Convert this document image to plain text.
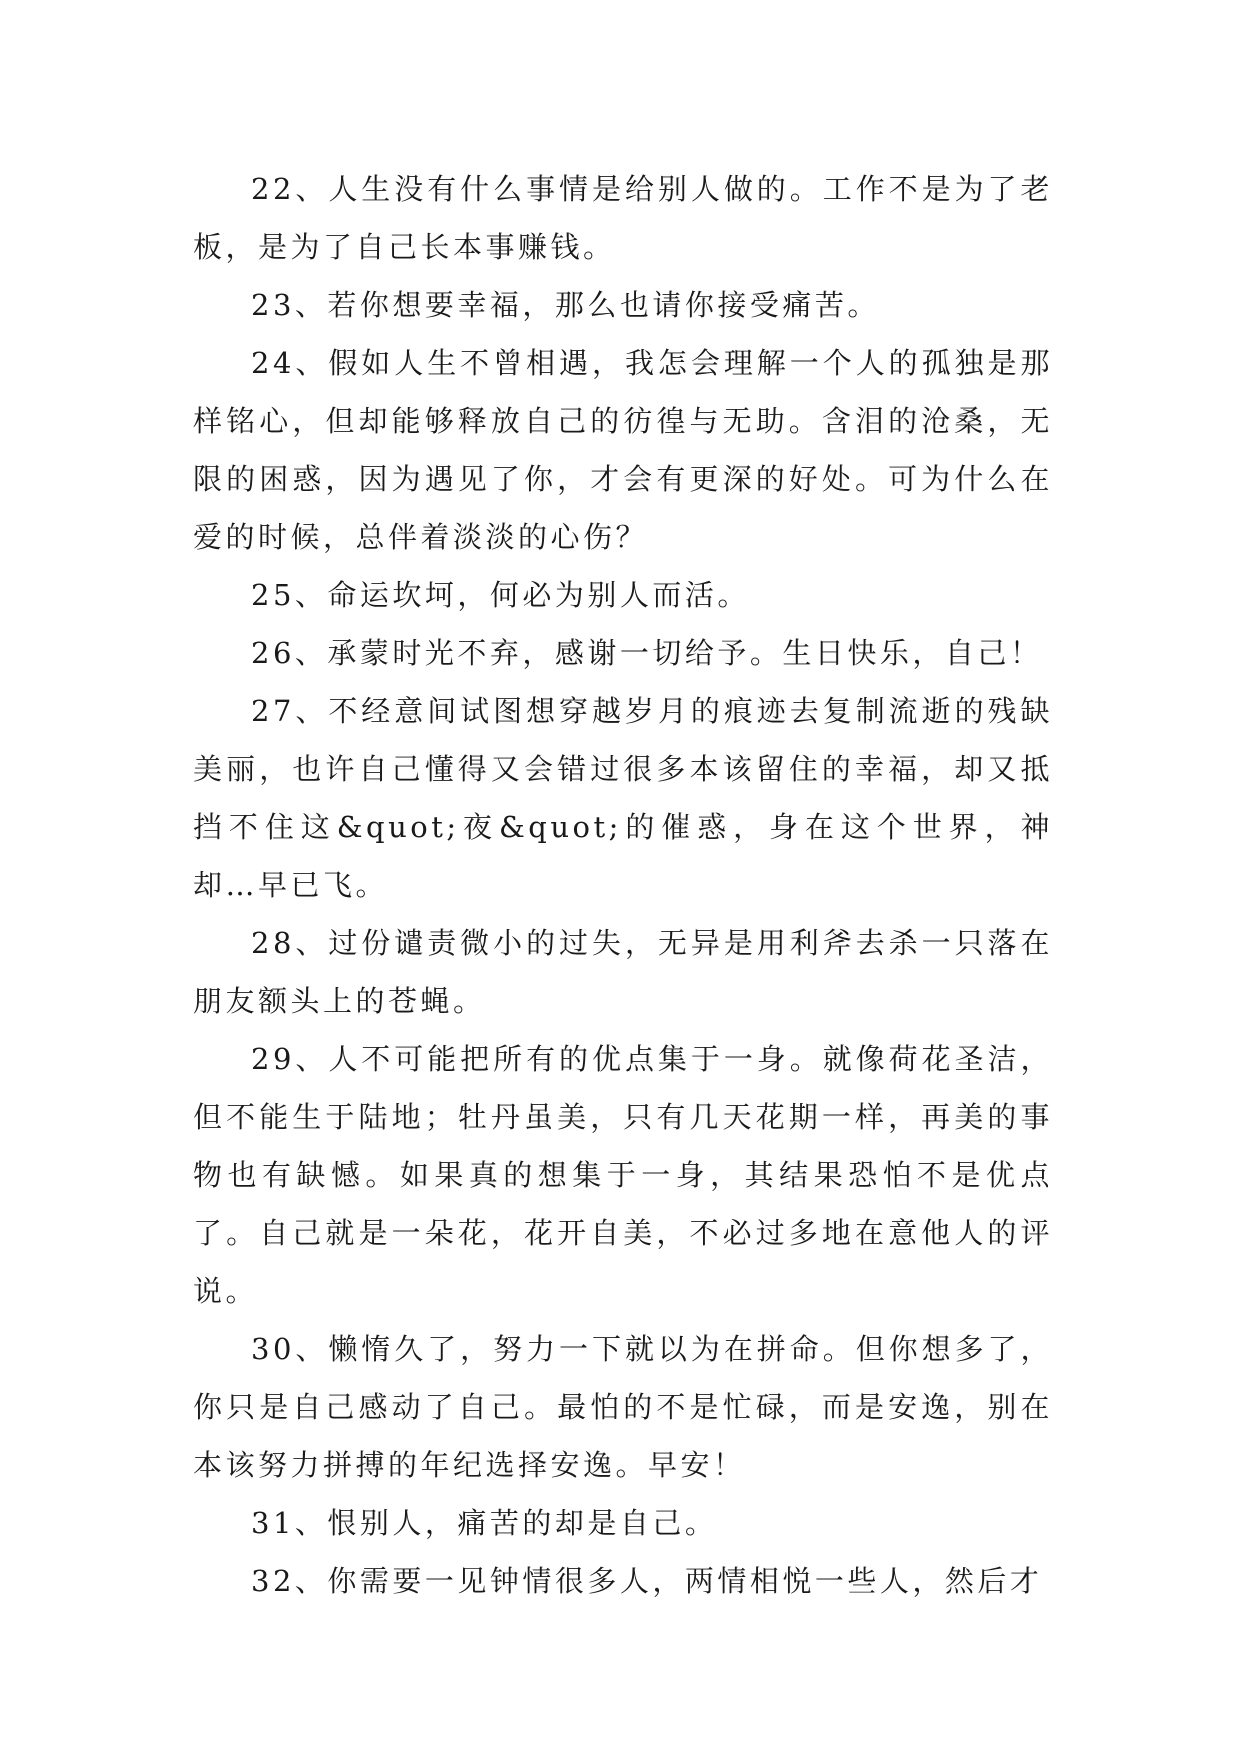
22、人生没有什么事情是给别人做的。工作不是为了老板，是为了自己长本事赚钱。

23、若你想要幸福，那么也请你接受痛苦。

24、假如人生不曾相遇，我怎会理解一个人的孤独是那样铭心，但却能够释放自己的彷徨与无助。含泪的沧桑，无限的困惑，因为遇见了你，才会有更深的好处。可为什么在爱的时候，总伴着淡淡的心伤？

25、命运坎坷，何必为别人而活。

26、承蒙时光不弃，感谢一切给予。生日快乐，自己！

27、不经意间试图想穿越岁月的痕迹去复制流逝的残缺美丽，也许自己懂得又会错过很多本该留住的幸福，却又抵挡不住这&quot;夜&quot;的催惑，身在这个世界，神却…早已飞。

28、过份谴责微小的过失，无异是用利斧去杀一只落在朋友额头上的苍蝇。

29、人不可能把所有的优点集于一身。就像荷花圣洁，但不能生于陆地；牡丹虽美，只有几天花期一样，再美的事物也有缺憾。如果真的想集于一身，其结果恐怕不是优点了。自己就是一朵花，花开自美，不必过多地在意他人的评说。

30、懒惰久了，努力一下就以为在拼命。但你想多了，你只是自己感动了自己。最怕的不是忙碌，而是安逸，别在本该努力拼搏的年纪选择安逸。早安！

31、恨别人，痛苦的却是自己。

32、你需要一见钟情很多人，两情相悦一些人，然后才
